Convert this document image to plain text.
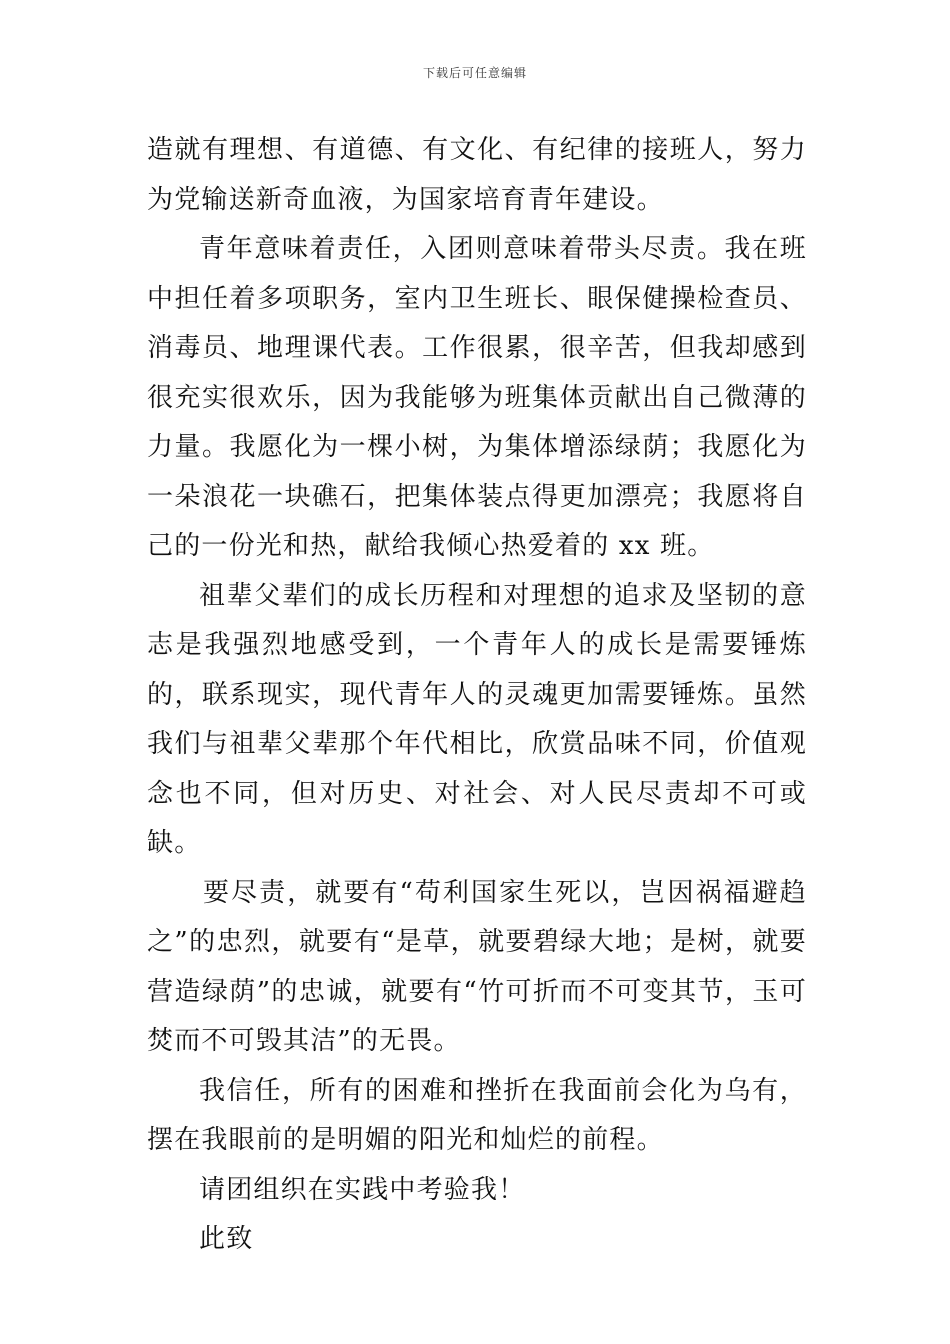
下载后可任意编辑

造就有理想、有道德、有文化、有纪律的接班人，努力为党输送新奇血液，为国家培育青年建设。

青年意味着责任，入团则意味着带头尽责。我在班中担任着多项职务，室内卫生班长、眼保健操检查员、消毒员、地理课代表。工作很累，很辛苦，但我却感到很充实很欢乐，因为我能够为班集体贡献出自己微薄的力量。我愿化为一棵小树，为集体增添绿荫；我愿化为一朵浪花一块礁石，把集体装点得更加漂亮；我愿将自己的一份光和热，献给我倾心热爱着的 xx 班。

祖辈父辈们的成长历程和对理想的追求及坚韧的意志是我强烈地感受到，一个青年人的成长是需要锤炼的，联系现实，现代青年人的灵魂更加需要锤炼。虽然我们与祖辈父辈那个年代相比，欣赏品味不同，价值观念也不同，但对历史、对社会、对人民尽责却不可或缺。

要尽责，就要有“苟利国家生死以，岂因祸福避趋之”的忠烈，就要有“是草，就要碧绿大地；是树，就要营造绿荫”的忠诚，就要有“竹可折而不可变其节，玉可焚而不可毁其洁”的无畏。

我信任，所有的困难和挫折在我面前会化为乌有，摆在我眼前的是明媚的阳光和灿烂的前程。

请团组织在实践中考验我！

此致
